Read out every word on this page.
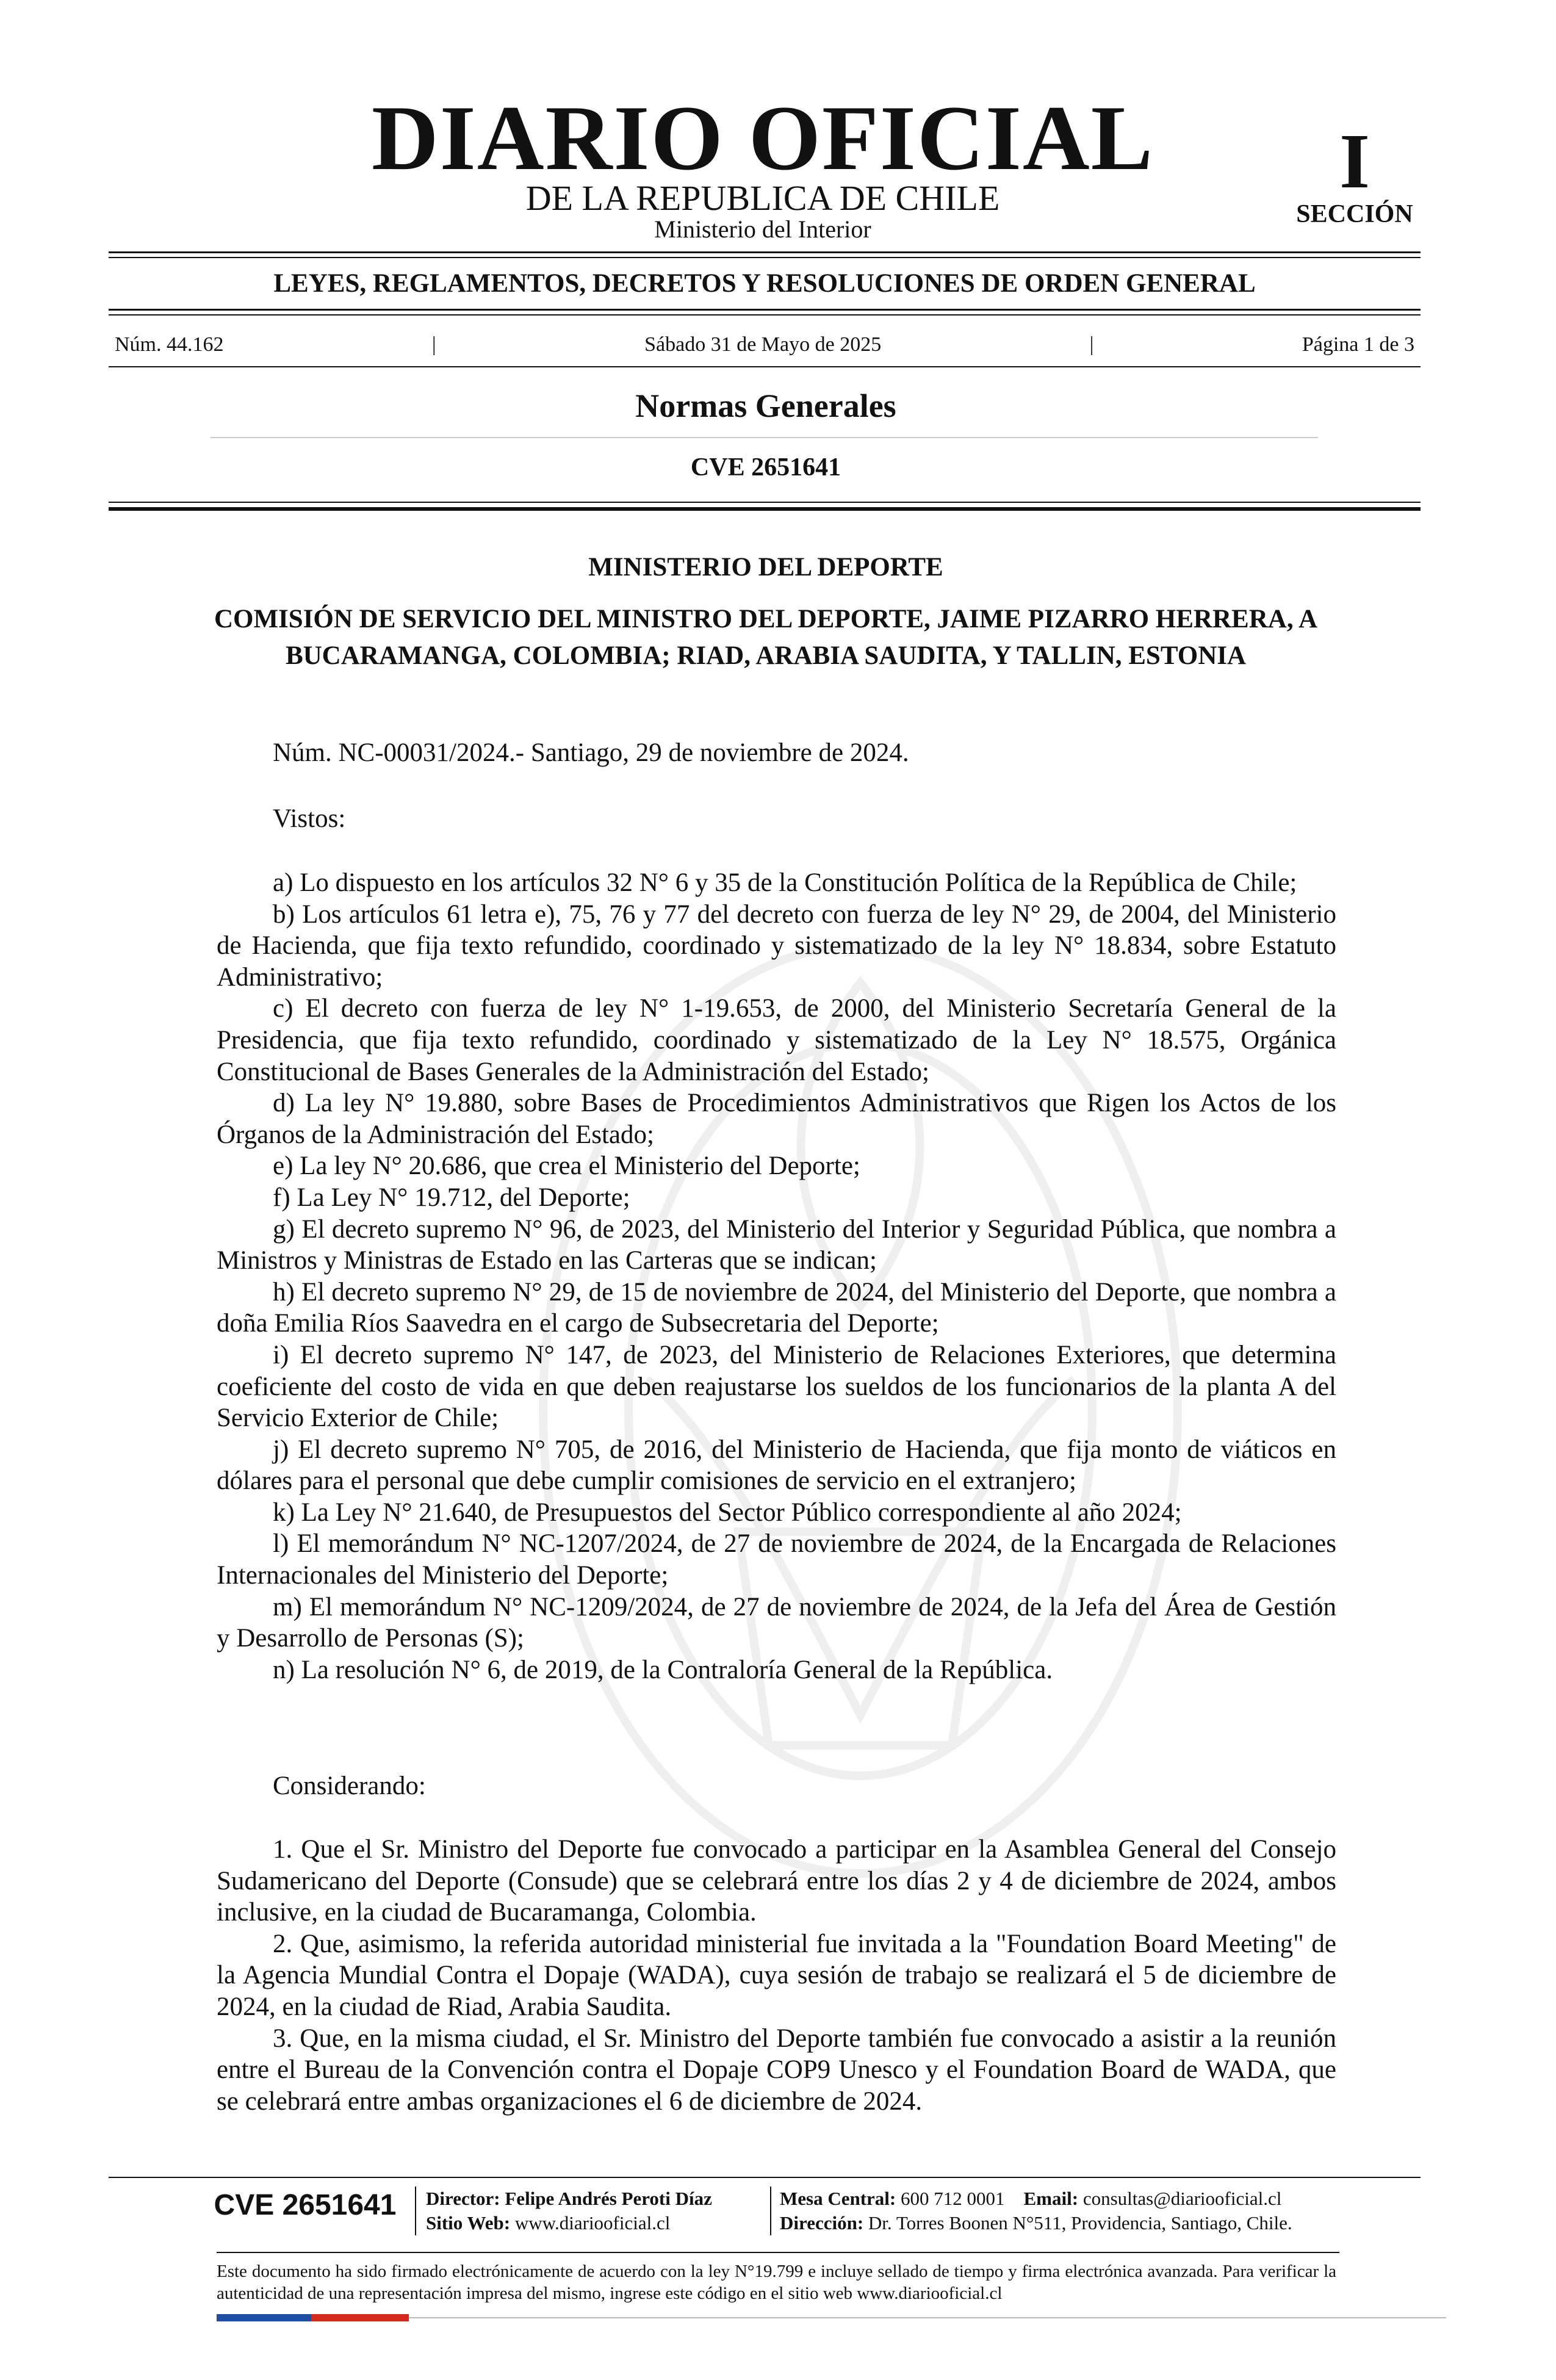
DIARIO OFICIAL
DE LA REPUBLICA DE CHILE
Ministerio del Interior
I
SECCIÓN
LEYES, REGLAMENTOS, DECRETOS Y RESOLUCIONES DE ORDEN GENERAL
Núm. 44.162	|	Sábado 31 de Mayo de 2025	|	Página 1 de 3
Normas Generales
CVE 2651641
MINISTERIO DEL DEPORTE
COMISIÓN DE SERVICIO DEL MINISTRO DEL DEPORTE, JAIME PIZARRO HERRERA, A BUCARAMANGA, COLOMBIA; RIAD, ARABIA SAUDITA, Y TALLIN, ESTONIA
Núm. NC-00031/2024.- Santiago, 29 de noviembre de 2024.
Vistos:

a) Lo dispuesto en los artículos 32 N° 6 y 35 de la Constitución Política de la República de Chile;

b) Los artículos 61 letra e), 75, 76 y 77 del decreto con fuerza de ley N° 29, de 2004, del Ministerio de Hacienda, que fija texto refundido, coordinado y sistematizado de la ley N° 18.834, sobre Estatuto Administrativo;

c) El decreto con fuerza de ley N° 1-19.653, de 2000, del Ministerio Secretaría General de la Presidencia, que fija texto refundido, coordinado y sistematizado de la Ley N° 18.575, Orgánica Constitucional de Bases Generales de la Administración del Estado;

d) La ley N° 19.880, sobre Bases de Procedimientos Administrativos que Rigen los Actos de los Órganos de la Administración del Estado;

e) La ley N° 20.686, que crea el Ministerio del Deporte;

f) La Ley N° 19.712, del Deporte;

g) El decreto supremo N° 96, de 2023, del Ministerio del Interior y Seguridad Pública, que nombra a Ministros y Ministras de Estado en las Carteras que se indican;

h) El decreto supremo N° 29, de 15 de noviembre de 2024, del Ministerio del Deporte, que nombra a doña Emilia Ríos Saavedra en el cargo de Subsecretaria del Deporte;

i) El decreto supremo N° 147, de 2023, del Ministerio de Relaciones Exteriores, que determina coeficiente del costo de vida en que deben reajustarse los sueldos de los funcionarios de la planta A del Servicio Exterior de Chile;

j) El decreto supremo N° 705, de 2016, del Ministerio de Hacienda, que fija monto de viáticos en dólares para el personal que debe cumplir comisiones de servicio en el extranjero;

k) La Ley N° 21.640, de Presupuestos del Sector Público correspondiente al año 2024;

l) El memorándum N° NC-1207/2024, de 27 de noviembre de 2024, de la Encargada de Relaciones Internacionales del Ministerio del Deporte;

m) El memorándum N° NC-1209/2024, de 27 de noviembre de 2024, de la Jefa del Área de Gestión y Desarrollo de Personas (S);

n) La resolución N° 6, de 2019, de la Contraloría General de la República.

Considerando:

1. Que el Sr. Ministro del Deporte fue convocado a participar en la Asamblea General del Consejo Sudamericano del Deporte (Consude) que se celebrará entre los días 2 y 4 de diciembre de 2024, ambos inclusive, en la ciudad de Bucaramanga, Colombia.

2. Que, asimismo, la referida autoridad ministerial fue invitada a la "Foundation Board Meeting" de la Agencia Mundial Contra el Dopaje (WADA), cuya sesión de trabajo se realizará el 5 de diciembre de 2024, en la ciudad de Riad, Arabia Saudita.

3. Que, en la misma ciudad, el Sr. Ministro del Deporte también fue convocado a asistir a la reunión entre el Bureau de la Convención contra el Dopaje COP9 Unesco y el Foundation Board de WADA, que se celebrará entre ambas organizaciones el 6 de diciembre de 2024.

CVE 2651641	Director: Felipe Andrés Peroti Díaz
Sitio Web: www.diariooficial.cl
Mesa Central: 600 712 0001 Email: consultas@diariooficial.cl
Dirección: Dr. Torres Boonen N°511, Providencia, Santiago, Chile.
Este documento ha sido firmado electrónicamente de acuerdo con la ley N°19.799 e incluye sellado de tiempo y firma electrónica avanzada. Para verificar la autenticidad de una representación impresa del mismo, ingrese este código en el sitio web www.diariooficial.cl
